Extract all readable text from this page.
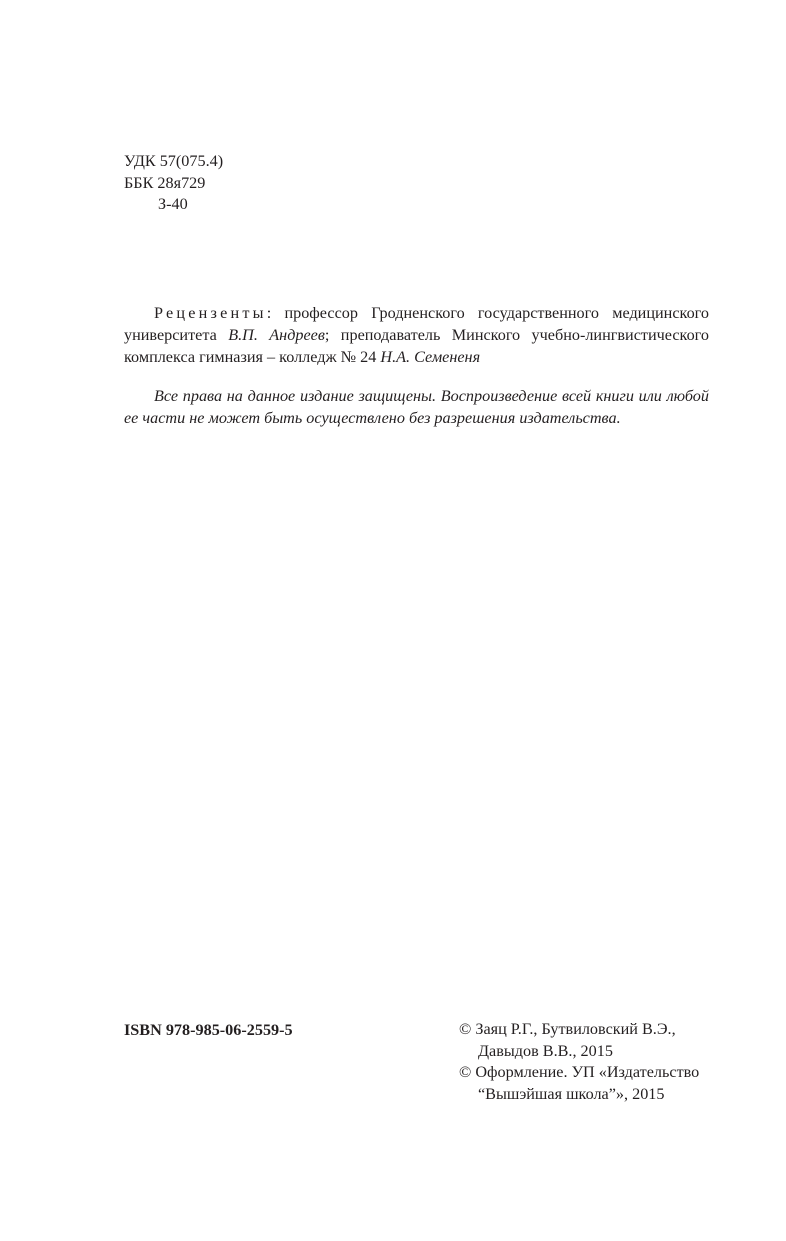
УДК 57(075.4)
ББК 28я729
З-40

Рецензенты: профессор Гродненского государственного медицинского университета В.П. Андреев; преподаватель Минского учебно-лингвистического комплекса гимназия – колледж № 24 Н.А. Семененя

Все права на данное издание защищены. Воспроизведение всей книги или любой ее части не может быть осуществлено без разрешения издательства.

ISBN 978-985-06-2559-5	© Заяц Р.Г., Бутвиловский В.Э.,
Давыдов В.В., 2015
© Оформление. УП «Издательство
“Вышэйшая школа”», 2015
